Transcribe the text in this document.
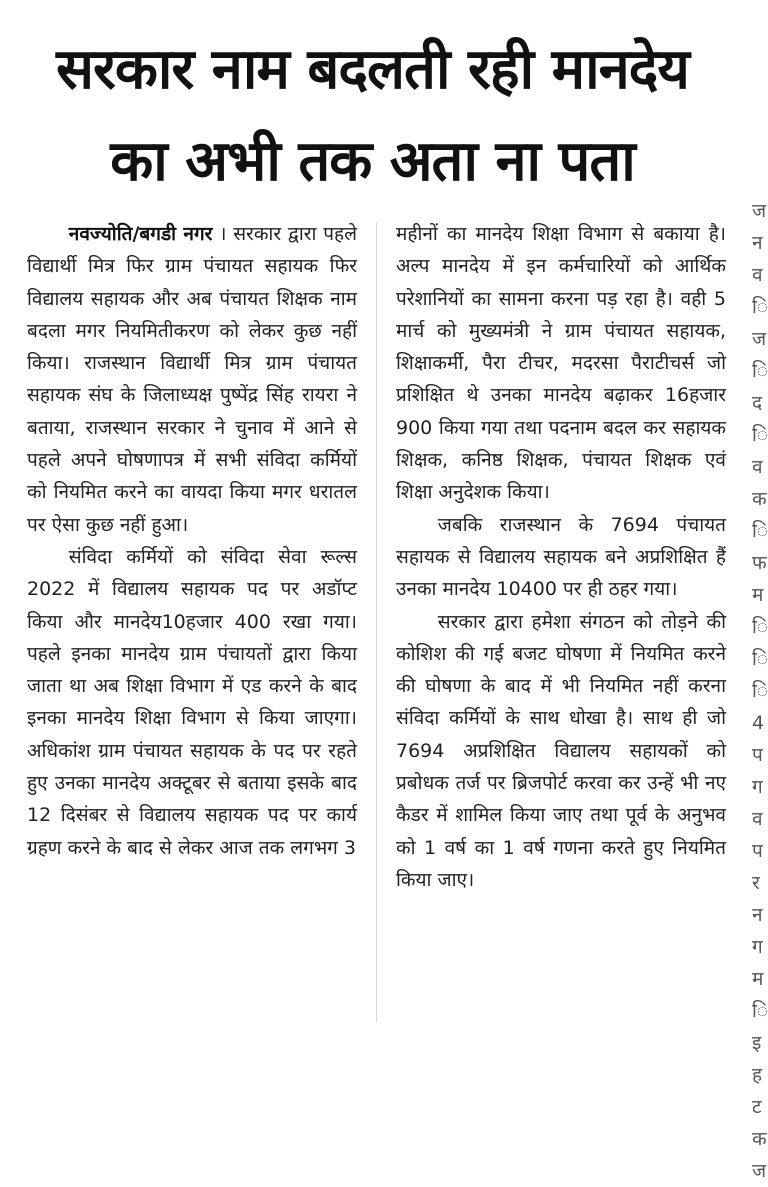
सरकार नाम बदलती रही मानदेय
का अभी तक अता ना पता

नवज्योति/बगडी नगर । सरकार द्वारा पहले विद्यार्थी मित्र फिर ग्राम पंचायत सहायक फिर विद्यालय सहायक और अब पंचायत शिक्षक नाम बदला मगर नियमितीकरण को लेकर कुछ नहीं किया। राजस्थान विद्यार्थी मित्र ग्राम पंचायत सहायक संघ के जिलाध्यक्ष पुष्पेंद्र सिंह रायरा ने बताया, राजस्थान सरकार ने चुनाव में आने से पहले अपने घोषणापत्र में सभी संविदा कर्मियों को नियमित करने का वायदा किया मगर धरातल पर ऐसा कुछ नहीं हुआ।

संविदा कर्मियों को संविदा सेवा रूल्स 2022 में विद्यालय सहायक पद पर अडॉप्ट किया और मानदेय10हजार 400 रखा गया। पहले इनका मानदेय ग्राम पंचायतों द्वारा किया जाता था अब शिक्षा विभाग में एड करने के बाद इनका मानदेय शिक्षा विभाग से किया जाएगा। अधिकांश ग्राम पंचायत सहायक के पद पर रहते हुए उनका मानदेय अक्टूबर से बताया इसके बाद 12 दिसंबर से विद्यालय सहायक पद पर कार्य ग्रहण करने के बाद से लेकर आज तक लगभग 3

महीनों का मानदेय शिक्षा विभाग से बकाया है। अल्प मानदेय में इन कर्मचारियों को आर्थिक परेशानियों का सामना करना पड़ रहा है। वही 5 मार्च को मुख्यमंत्री ने ग्राम पंचायत सहायक, शिक्षाकर्मी, पैरा टीचर, मदरसा पैराटीचर्स जो प्रशिक्षित थे उनका मानदेय बढ़ाकर 16हजार 900 किया गया तथा पदनाम बदल कर सहायक शिक्षक, कनिष्ठ शिक्षक, पंचायत शिक्षक एवं शिक्षा अनुदेशक किया।

जबकि राजस्थान के 7694 पंचायत सहायक से विद्यालय सहायक बने अप्रशिक्षित हैं उनका मानदेय 10400 पर ही ठहर गया।

सरकार द्वारा हमेशा संगठन को तोड़ने की कोशिश की गई बजट घोषणा में नियमित करने की घोषणा के बाद में भी नियमित नहीं करना संविदा कर्मियों के साथ धोखा है। साथ ही जो 7694 अप्रशिक्षित विद्यालय सहायकों को प्रबोधक तर्ज पर ब्रिजपोर्ट करवा कर उन्हें भी नए कैडर में शामिल किया जाए तथा पूर्व के अनुभव को 1 वर्ष का 1 वर्ष गणना करते हुए नियमित किया जाए।

ज
न
व
ि
ज
ि
द
ि
व
क
ि
फ
म
ि
ि
ि
4
प
ग
व
प
र
न
ग
म
ि
इ
ह
ट
क
ज
